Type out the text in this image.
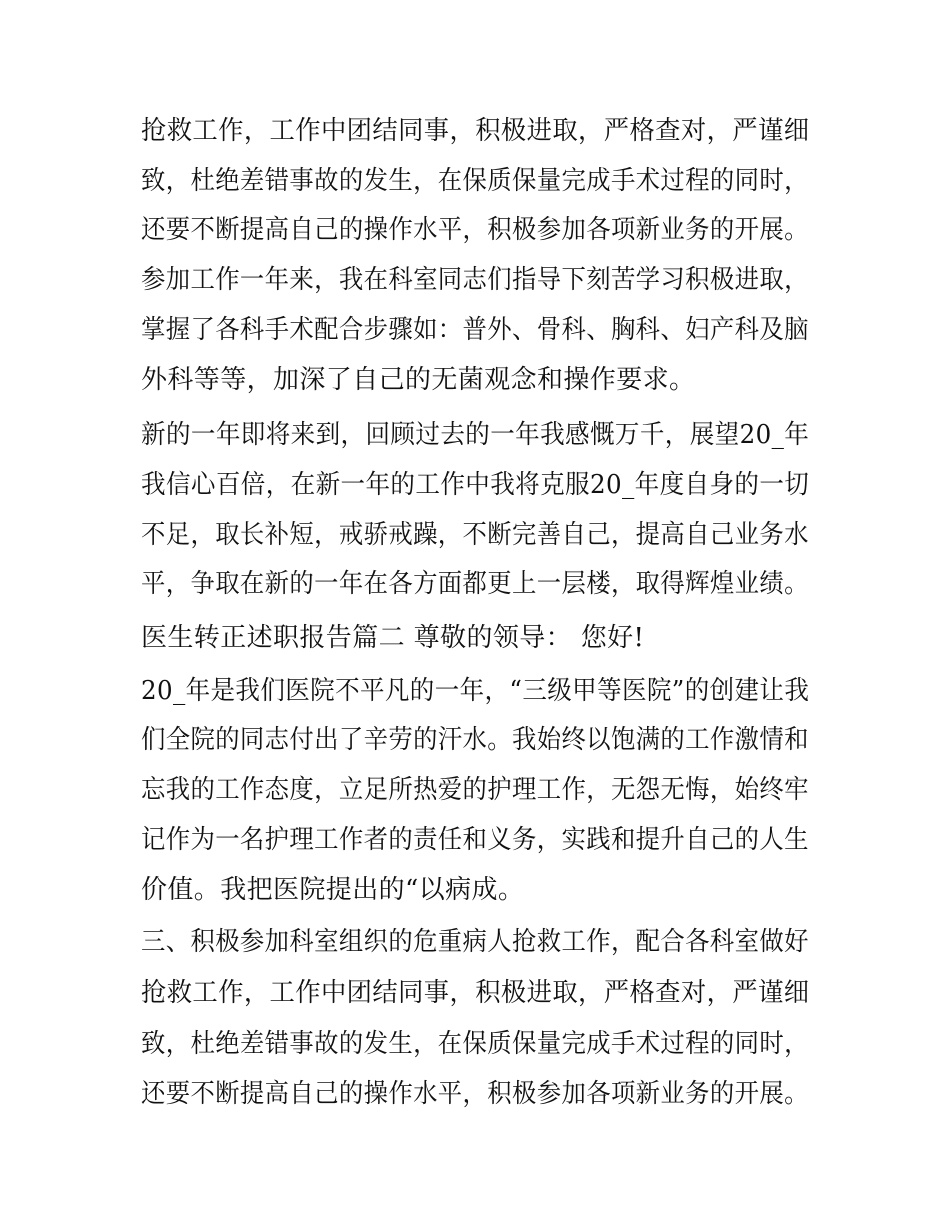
抢救工作，工作中团结同事，积极进取，严格查对，严谨细
致，杜绝差错事故的发生，在保质保量完成手术过程的同时，
还要不断提高自己的操作水平，积极参加各项新业务的开展。
参加工作一年来，我在科室同志们指导下刻苦学习积极进取，
掌握了各科手术配合步骤如：普外、骨科、胸科、妇产科及脑
外科等等，加深了自己的无菌观念和操作要求。
新的一年即将来到，回顾过去的一年我感慨万千，展望20_年
我信心百倍，在新一年的工作中我将克服20_年度自身的一切
不足，取长补短，戒骄戒躁，不断完善自己，提高自己业务水
平，争取在新的一年在各方面都更上一层楼，取得辉煌业绩。
医生转正述职报告篇二 尊敬的领导： 您好!
20_年是我们医院不平凡的一年，“三级甲等医院”的创建让我
们全院的同志付出了辛劳的汗水。我始终以饱满的工作激情和
忘我的工作态度，立足所热爱的护理工作，无怨无悔，始终牢
记作为一名护理工作者的责任和义务，实践和提升自己的人生
价值。我把医院提出的“以病成。
三、积极参加科室组织的危重病人抢救工作，配合各科室做好
抢救工作，工作中团结同事，积极进取，严格查对，严谨细
致，杜绝差错事故的发生，在保质保量完成手术过程的同时，
还要不断提高自己的操作水平，积极参加各项新业务的开展。
